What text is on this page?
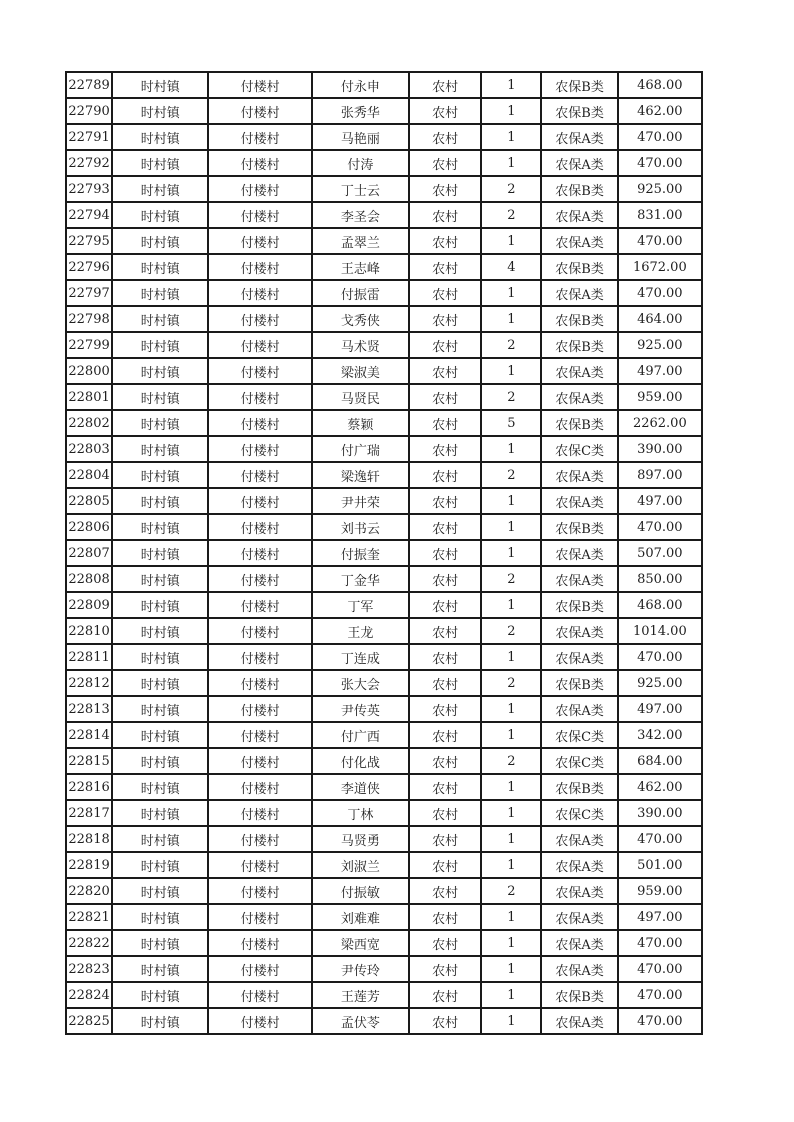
22789	时村镇	付楼村	付永申	农村	1	农保B类	468.00
22790	时村镇	付楼村	张秀华	农村	1	农保B类	462.00
22791	时村镇	付楼村	马艳丽	农村	1	农保A类	470.00
22792	时村镇	付楼村	付涛	农村	1	农保A类	470.00
22793	时村镇	付楼村	丁士云	农村	2	农保B类	925.00
22794	时村镇	付楼村	李圣会	农村	2	农保A类	831.00
22795	时村镇	付楼村	孟翠兰	农村	1	农保A类	470.00
22796	时村镇	付楼村	王志峰	农村	4	农保B类	1672.00
22797	时村镇	付楼村	付振雷	农村	1	农保A类	470.00
22798	时村镇	付楼村	戈秀侠	农村	1	农保B类	464.00
22799	时村镇	付楼村	马术贤	农村	2	农保B类	925.00
22800	时村镇	付楼村	梁淑美	农村	1	农保A类	497.00
22801	时村镇	付楼村	马贤民	农村	2	农保A类	959.00
22802	时村镇	付楼村	蔡颖	农村	5	农保B类	2262.00
22803	时村镇	付楼村	付广瑞	农村	1	农保C类	390.00
22804	时村镇	付楼村	梁逸轩	农村	2	农保A类	897.00
22805	时村镇	付楼村	尹井荣	农村	1	农保A类	497.00
22806	时村镇	付楼村	刘书云	农村	1	农保B类	470.00
22807	时村镇	付楼村	付振奎	农村	1	农保A类	507.00
22808	时村镇	付楼村	丁金华	农村	2	农保A类	850.00
22809	时村镇	付楼村	丁军	农村	1	农保B类	468.00
22810	时村镇	付楼村	王龙	农村	2	农保A类	1014.00
22811	时村镇	付楼村	丁连成	农村	1	农保A类	470.00
22812	时村镇	付楼村	张大会	农村	2	农保B类	925.00
22813	时村镇	付楼村	尹传英	农村	1	农保A类	497.00
22814	时村镇	付楼村	付广西	农村	1	农保C类	342.00
22815	时村镇	付楼村	付化战	农村	2	农保C类	684.00
22816	时村镇	付楼村	李道侠	农村	1	农保B类	462.00
22817	时村镇	付楼村	丁林	农村	1	农保C类	390.00
22818	时村镇	付楼村	马贤勇	农村	1	农保A类	470.00
22819	时村镇	付楼村	刘淑兰	农村	1	农保A类	501.00
22820	时村镇	付楼村	付振敏	农村	2	农保A类	959.00
22821	时村镇	付楼村	刘难难	农村	1	农保A类	497.00
22822	时村镇	付楼村	梁西宽	农村	1	农保A类	470.00
22823	时村镇	付楼村	尹传玲	农村	1	农保A类	470.00
22824	时村镇	付楼村	王莲芳	农村	1	农保B类	470.00
22825	时村镇	付楼村	孟伏苓	农村	1	农保A类	470.00
